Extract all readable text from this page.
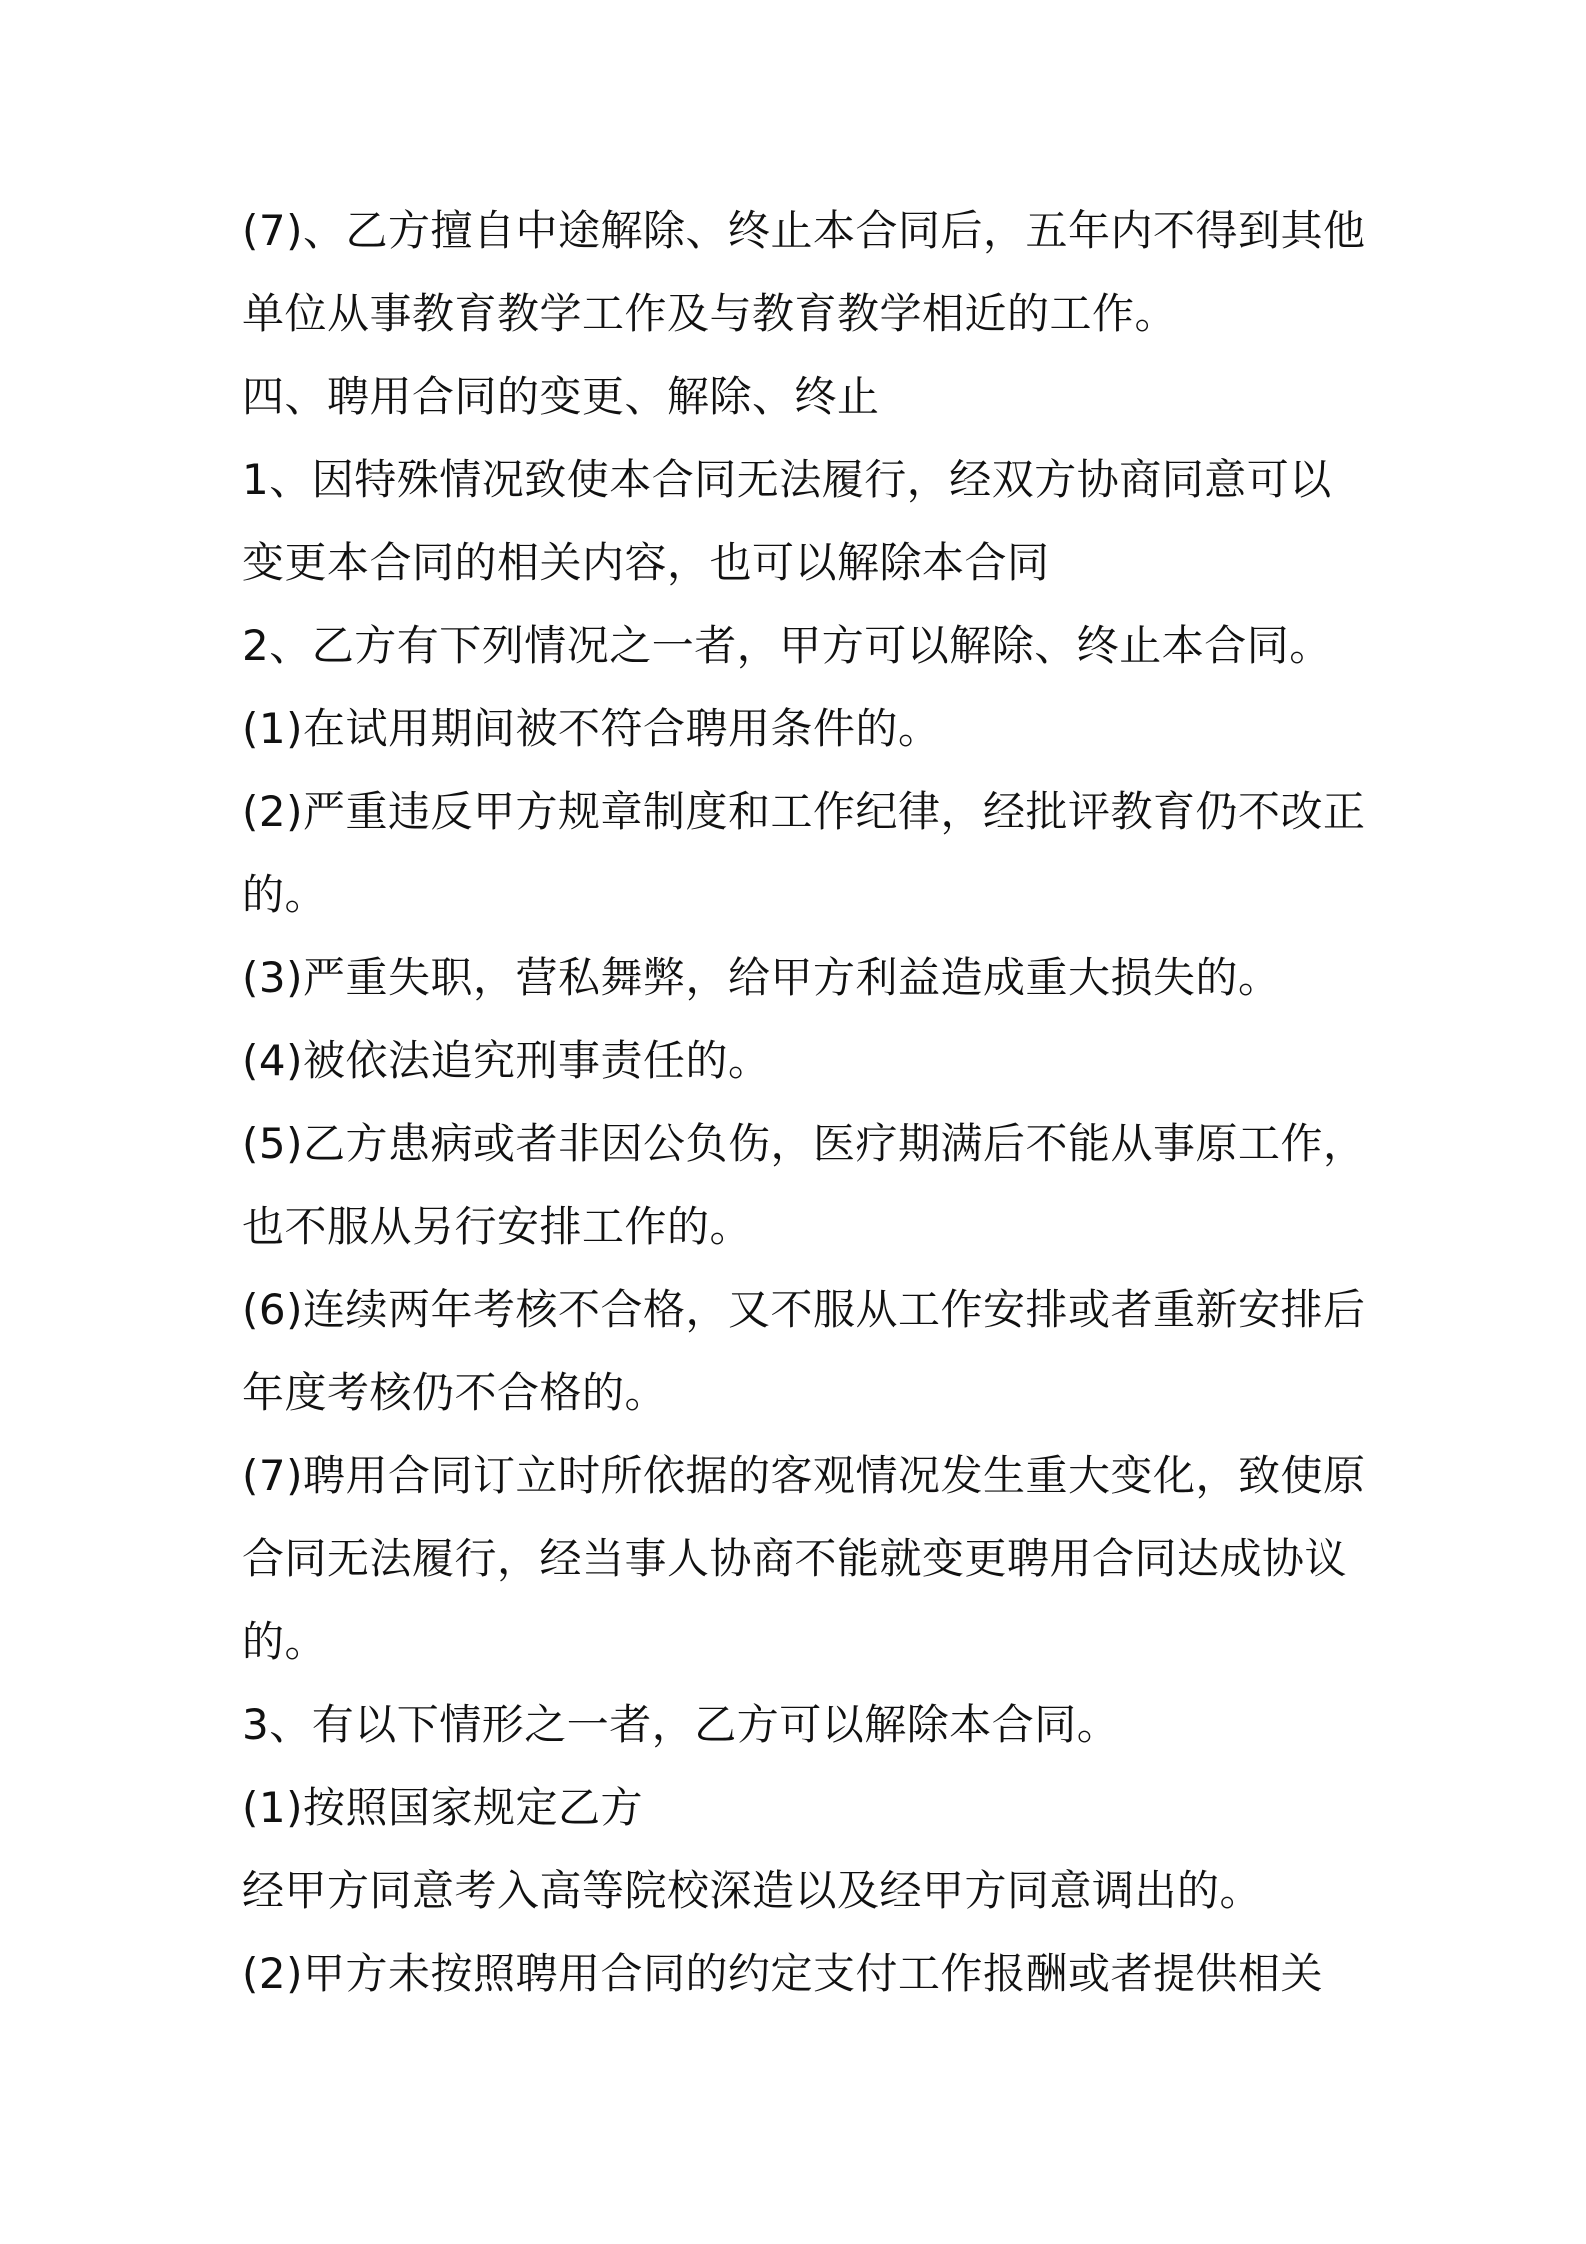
(7)、乙方擅自中途解除、终止本合同后，五年内不得到其他
单位从事教育教学工作及与教育教学相近的工作。
四、聘用合同的变更、解除、终止
1、因特殊情况致使本合同无法履行，经双方协商同意可以
变更本合同的相关内容，也可以解除本合同
2、乙方有下列情况之一者，甲方可以解除、终止本合同。
(1)在试用期间被不符合聘用条件的。
(2)严重违反甲方规章制度和工作纪律，经批评教育仍不改正
的。
(3)严重失职，营私舞弊，给甲方利益造成重大损失的。
(4)被依法追究刑事责任的。
(5)乙方患病或者非因公负伤，医疗期满后不能从事原工作，
也不服从另行安排工作的。
(6)连续两年考核不合格，又不服从工作安排或者重新安排后
年度考核仍不合格的。
(7)聘用合同订立时所依据的客观情况发生重大变化，致使原
合同无法履行，经当事人协商不能就变更聘用合同达成协议
的。
3、有以下情形之一者，乙方可以解除本合同。
(1)按照国家规定乙方
经甲方同意考入高等院校深造以及经甲方同意调出的。
(2)甲方未按照聘用合同的约定支付工作报酬或者提供相关
